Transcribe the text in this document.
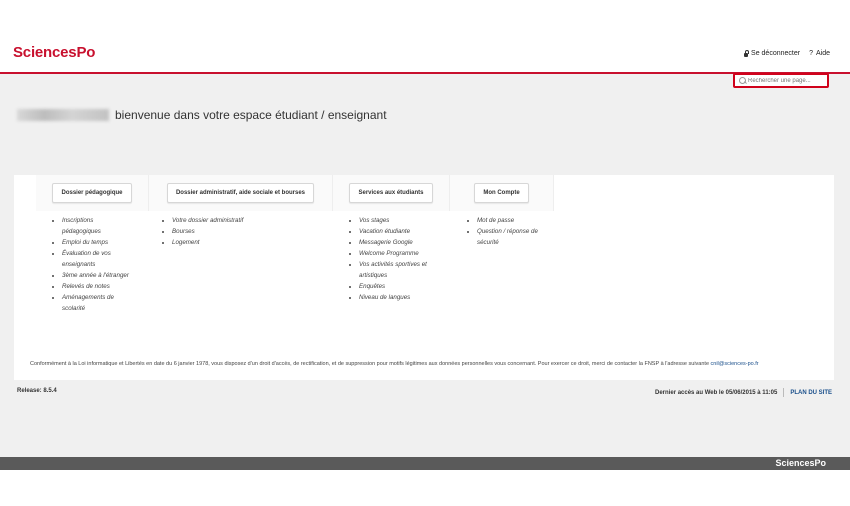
SciencesPo	Se déconnecter ? Aide
Rechercher une page...
bienvenue dans votre espace étudiant / enseignant
Dossier pédagogique	Dossier administratif, aide sociale et bourses	Services aux étudiants	Mon Compte
• Inscriptions pédagogiques
• Emploi du temps
• Évaluation de vos enseignants
• 3ème année à l'étranger
• Relevés de notes
• Aménagements de scolarité
• Votre dossier administratif
• Bourses
• Logement
• Vos stages
• Vacation étudiante
• Messagerie Google
• Welcome Programme
• Vos activités sportives et artistiques
• Enquêtes
• Niveau de langues
• Mot de passe
• Question / réponse de sécurité
Conformément à la Loi informatique et Libertés en date du 6 janvier 1978, vous disposez d'un droit d'accès, de rectification, et de suppression pour motifs légitimes aux données personnelles vous concernant. Pour exercer ce droit, merci de contacter la FNSP à l'adresse suivante cnil@sciences-po.fr
Release: 8.5.4	Dernier accès au Web le 05/06/2015 à 11:05 PLAN DU SITE
SciencesPo
